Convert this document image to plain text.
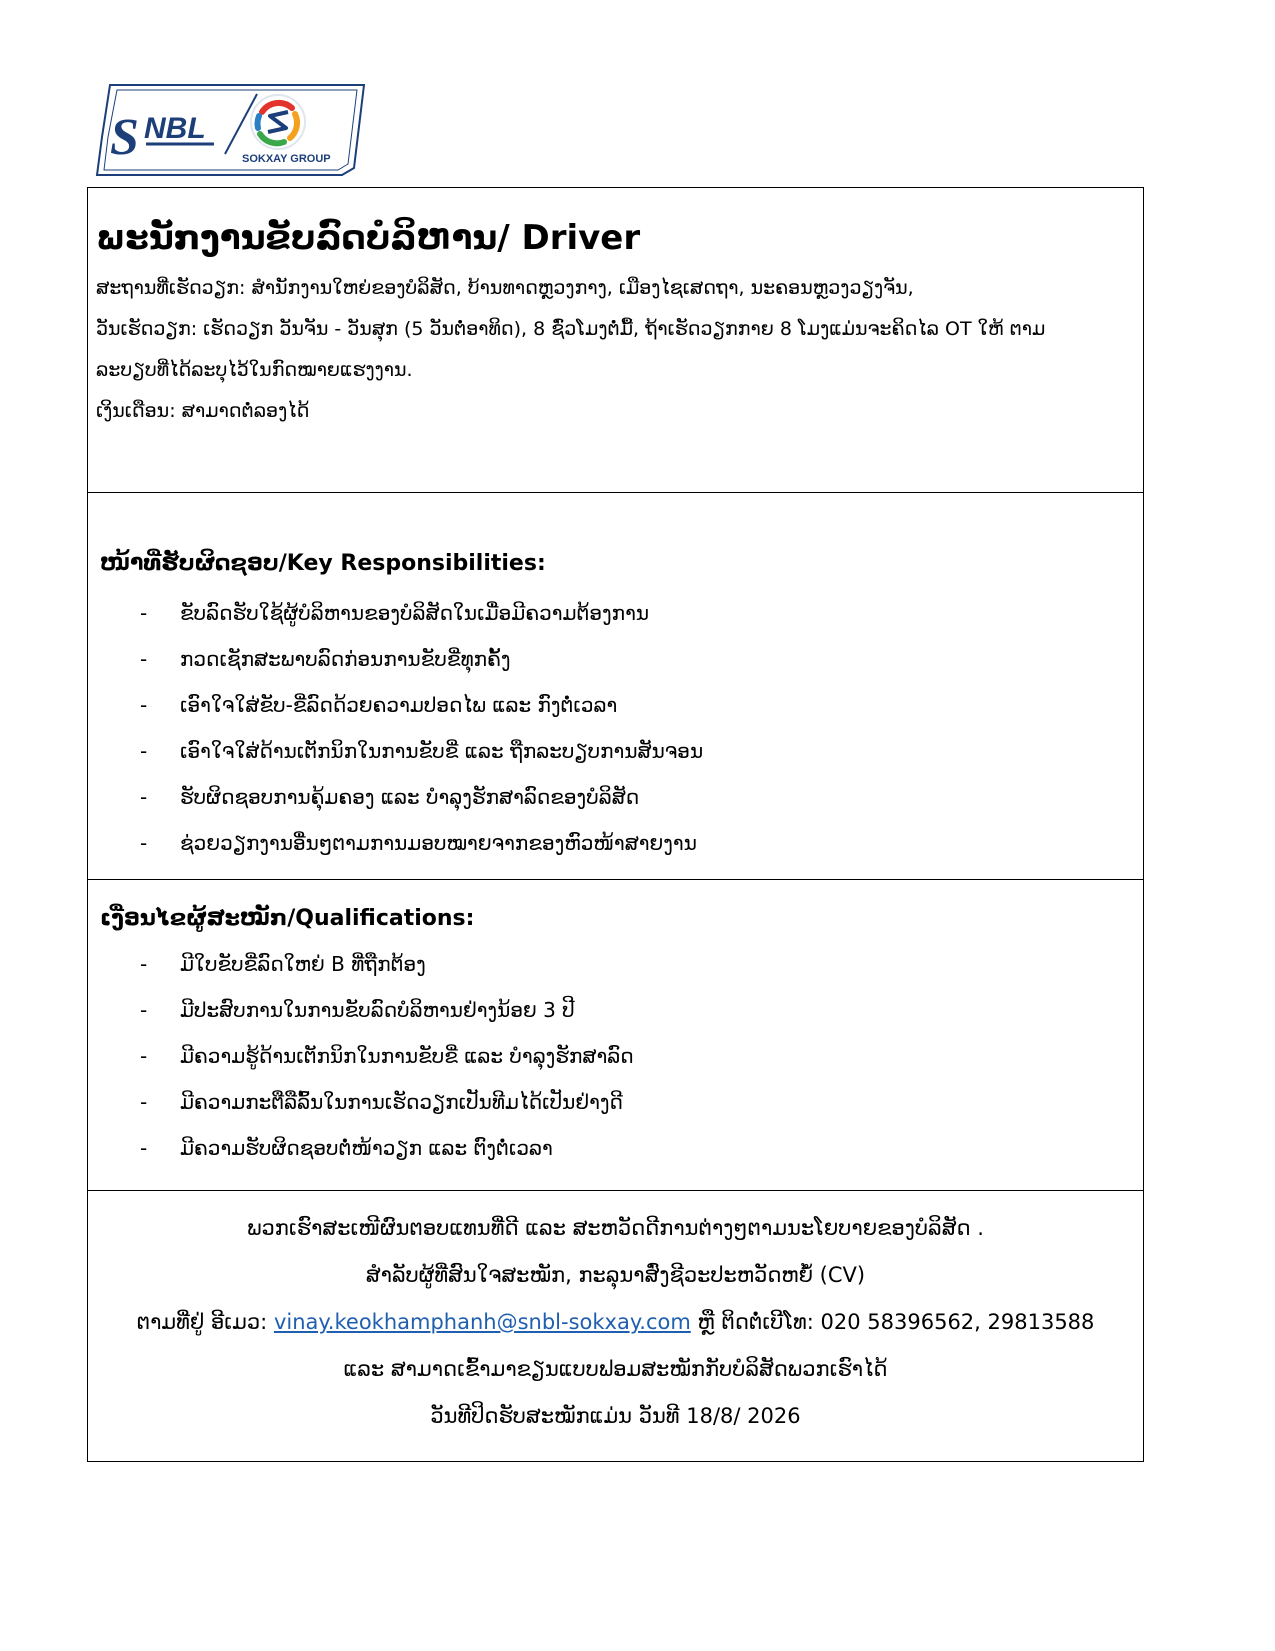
S NBL
SOKXAY GROUP
ພະນັກງານຂັບລົດບໍລິຫານ/ Driver
ສະຖານທີ່ເຮັດວຽກ: ສຳນັກງານໃຫຍ່ຂອງບໍລິສັດ, ບ້ານທາດຫຼວງກາງ, ເມືອງໄຊເສດຖາ, ນະຄອນຫຼວງວຽງຈັນ,
ວັນເຮັດວຽກ: ເຮັດວຽກ ວັນຈັນ - ວັນສຸກ (5 ວັນຕໍ່ອາທິດ), 8 ຊົ່ວໂມງຕໍ່ມື້, ຖ້າເຮັດວຽກກາຍ 8 ໂມງແມ່ນຈະຄິດໄລ OT ໃຫ້ ຕາມ
ລະບຽບທີ່ໄດ້ລະບຸໄວ້ໃນກົດໝາຍແຮງງານ.
ເງິນເດືອນ: ສາມາດຕໍ່ລອງໄດ້
ໜ້າທີ່ຮັບຜິດຊອບ/Key Responsibilities:
- ຂັບລົດຮັບໃຊ້ຜູ້ບໍລິຫານຂອງບໍລິສັດໃນເມື່ອມີຄວາມຕ້ອງການ
- ກວດເຊັກສະພາບລົດກ່ອນການຂັບຂີ່ທຸກຄັ້ງ
- ເອົາໃຈໃສ່ຂັບ-ຂີ່ລົດດ້ວຍຄວາມປອດໄພ ແລະ ກົງຕໍ່ເວລາ
- ເອົາໃຈໃສ່ດ້ານເຕັກນິກໃນການຂັບຂີ່ ແລະ ຖືກລະບຽບການສັນຈອນ
- ຮັບຜິດຊອບການຄຸ້ມຄອງ ແລະ ບຳລຸງຮັກສາລົດຂອງບໍລິສັດ
- ຊ່ວຍວຽກງານອື່ນໆຕາມການມອບໝາຍຈາກຂອງຫົວໜ້າສາຍງານ
ເງື່ອນໄຂຜູ້ສະໝັກ/Qualifications:
- ມີໃບຂັບຂີ່ລົດໃຫຍ່ B ທີ່ຖືກຕ້ອງ
- ມີປະສົບການໃນການຂັບລົດບໍລິຫານຢ່າງນ້ອຍ 3 ປີ
- ມີຄວາມຮູ້ດ້ານເຕັກນິກໃນການຂັບຂີ່ ແລະ ບຳລຸງຮັກສາລົດ
- ມີຄວາມກະຕືລືລົ້ນໃນການເຮັດວຽກເປັນທີມໄດ້ເປັນຢ່າງດີ
- ມີຄວາມຮັບຜິດຊອບຕໍ່ໜ້າວຽກ ແລະ ຕົງຕໍ່ເວລາ
ພວກເຮົາສະເໜີຜົນຕອບແທນທີ່ດີ ແລະ ສະຫວັດດີການຕ່າງໆຕາມນະໂຍບາຍຂອງບໍລິສັດ .
ສຳລັບຜູ້ທີ່ສົນໃຈສະໝັກ, ກະລຸນາສົ່ງຊີວະປະຫວັດຫຍໍ້ (CV)
ຕາມທີ່ຢູ່ ອີເມວ: vinay.keokhamphanh@snbl-sokxay.com ຫຼື ຕິດຕໍ່ເບີໂທ: 020 58396562, 29813588
ແລະ ສາມາດເຂົ້າມາຂຽນແບບຟອມສະໝັກກັບບໍລິສັດພວກເຮົາໄດ້
ວັນທີປິດຮັບສະໝັກແມ່ນ ວັນທີ 18/8/ 2026
